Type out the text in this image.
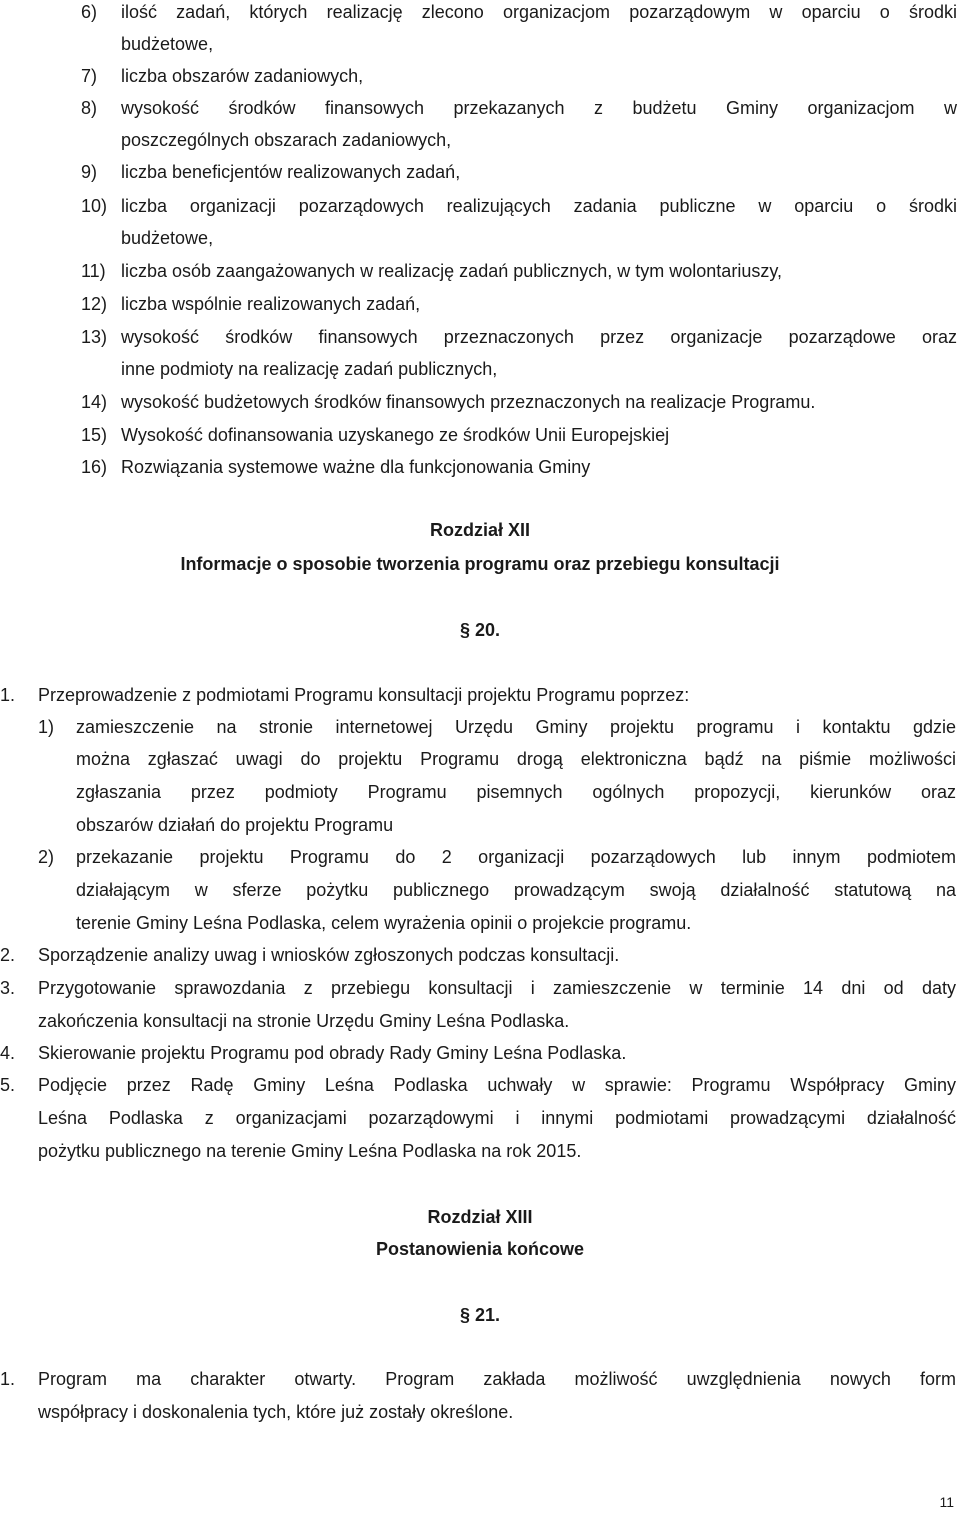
6) ilość zadań, których realizację zlecono organizacjom pozarządowym w oparciu o środki
budżetowe,
7) liczba obszarów zadaniowych,
8) wysokość środków finansowych przekazanych z budżetu Gminy organizacjom w
poszczególnych obszarach zadaniowych,
9) liczba beneficjentów realizowanych zadań,
10) liczba organizacji pozarządowych realizujących zadania publiczne w oparciu o środki
budżetowe,
11) liczba osób zaangażowanych w realizację zadań publicznych, w tym wolontariuszy,
12) liczba wspólnie realizowanych zadań,
13) wysokość środków finansowych przeznaczonych przez organizacje pozarządowe oraz
inne podmioty na realizację zadań publicznych,
14) wysokość budżetowych środków finansowych przeznaczonych na realizacje Programu.
15) Wysokość dofinansowania uzyskanego ze środków Unii Europejskiej
16) Rozwiązania systemowe ważne dla funkcjonowania Gminy
Rozdział XII
Informacje o sposobie tworzenia programu oraz przebiegu konsultacji
§ 20.
1. Przeprowadzenie z podmiotami Programu konsultacji projektu Programu poprzez:
1) zamieszczenie na stronie internetowej Urzędu Gminy projektu programu i kontaktu gdzie
można zgłaszać uwagi do projektu Programu drogą elektroniczna bądź na piśmie możliwości
zgłaszania przez podmioty Programu pisemnych ogólnych propozycji, kierunków oraz
obszarów działań do projektu Programu
2) przekazanie projektu Programu do 2 organizacji pozarządowych lub innym podmiotem
działającym w sferze pożytku publicznego prowadzącym swoją działalność statutową na
terenie Gminy Leśna Podlaska, celem wyrażenia opinii o projekcie programu.
2. Sporządzenie analizy uwag i wniosków zgłoszonych podczas konsultacji.
3. Przygotowanie sprawozdania z przebiegu konsultacji i zamieszczenie w terminie 14 dni od daty
zakończenia konsultacji na stronie Urzędu Gminy Leśna Podlaska.
4. Skierowanie projektu Programu pod obrady Rady Gminy Leśna Podlaska.
5. Podjęcie przez Radę Gminy Leśna Podlaska uchwały w sprawie: Programu Współpracy Gminy
Leśna Podlaska z organizacjami pozarządowymi i innymi podmiotami prowadzącymi działalność
pożytku publicznego na terenie Gminy Leśna Podlaska na rok 2015.
Rozdział XIII
Postanowienia końcowe
§ 21.
1. Program ma charakter otwarty. Program zakłada możliwość uwzględnienia nowych form
współpracy i doskonalenia tych, które już zostały określone.
11
